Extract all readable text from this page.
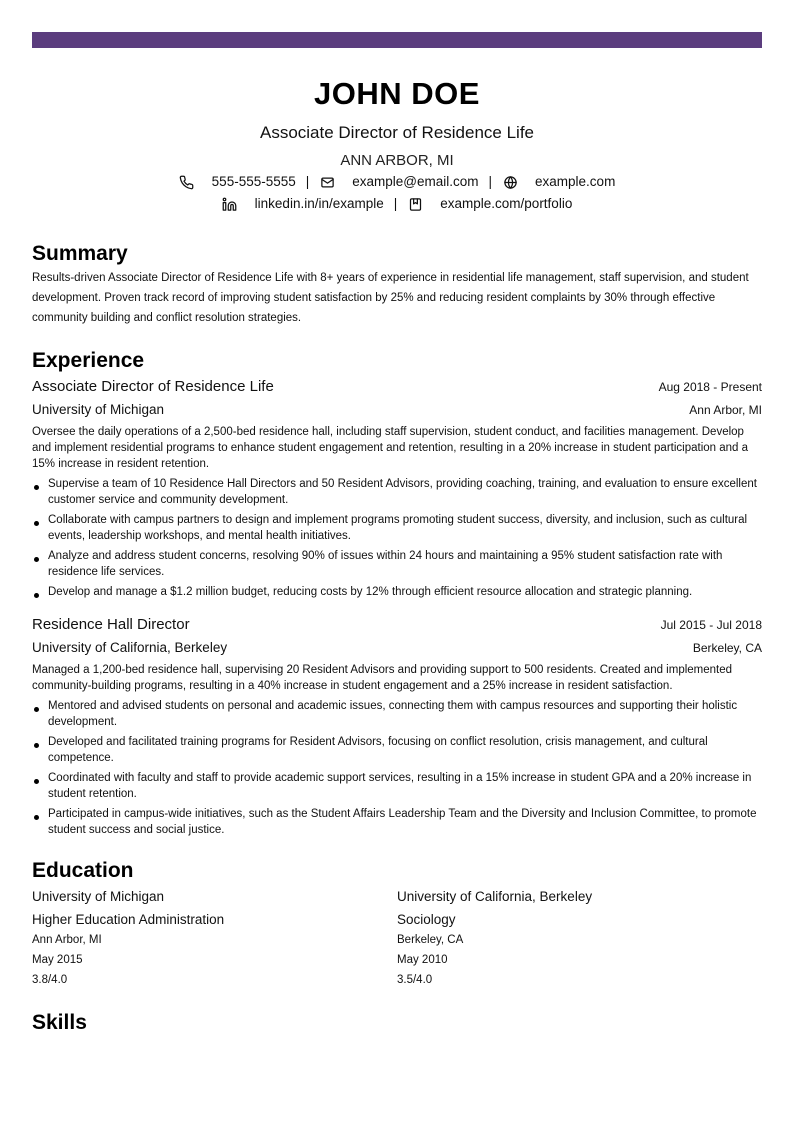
JOHN DOE
Associate Director of Residence Life
ANN ARBOR, MI
555-555-5555 |	example@email.com |	example.com
linkedin.in/in/example |	example.com/portfolio
Summary

Results-driven Associate Director of Residence Life with 8+ years of experience in residential life management, staff supervision, and student development. Proven track record of improving student satisfaction by 25% and reducing resident complaints by 30% through effective community building and conflict resolution strategies.

Experience
Associate Director of Residence Life	Aug 2018 - Present
University of Michigan	Ann Arbor, MI
Oversee the daily operations of a 2,500-bed residence hall, including staff supervision, student conduct, and facilities management. Develop and implement residential programs to enhance student engagement and retention, resulting in a 20% increase in student participation and a 15% increase in resident retention.
Supervise a team of 10 Residence Hall Directors and 50 Resident Advisors, providing coaching, training, and evaluation to ensure excellent customer service and community development.
Collaborate with campus partners to design and implement programs promoting student success, diversity, and inclusion, such as cultural events, leadership workshops, and mental health initiatives.
Analyze and address student concerns, resolving 90% of issues within 24 hours and maintaining a 95% student satisfaction rate with residence life services.
Develop and manage a $1.2 million budget, reducing costs by 12% through efficient resource allocation and strategic planning.
Residence Hall Director	Jul 2015 - Jul 2018
University of California, Berkeley	Berkeley, CA
Managed a 1,200-bed residence hall, supervising 20 Resident Advisors and providing support to 500 residents. Created and implemented community-building programs, resulting in a 40% increase in student engagement and a 25% increase in resident satisfaction.
Mentored and advised students on personal and academic issues, connecting them with campus resources and supporting their holistic development.
Developed and facilitated training programs for Resident Advisors, focusing on conflict resolution, crisis management, and cultural competence.
Coordinated with faculty and staff to provide academic support services, resulting in a 15% increase in student GPA and a 20% increase in student retention.
Participated in campus-wide initiatives, such as the Student Affairs Leadership Team and the Diversity and Inclusion Committee, to promote student success and social justice.
Education
University of Michigan
Higher Education Administration
Ann Arbor, MI
May 2015
3.8/4.0
University of California, Berkeley
Sociology
Berkeley, CA
May 2010
3.5/4.0
Skills
